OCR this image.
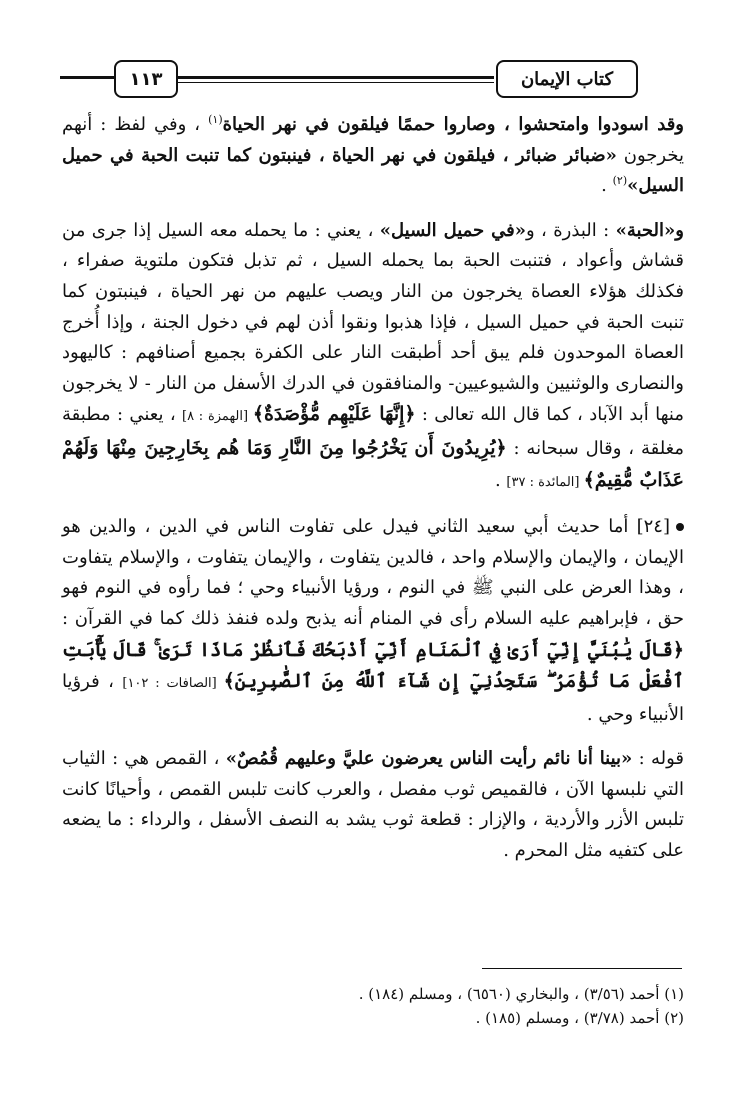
١١٣	كتاب الإيمان

وقد اسودوا وامتحشوا ، وصاروا حممًا فيلقون في نهر الحياة$^{(١)}$ ، وفي لفظ : أنهم يخرجون «ضبائر ضبائر ، فيلقون في نهر الحياة ، فينبتون كما تنبت الحبة في حميل السيل»$^{(٢)}$ .

و«الحبة» : البذرة ، و«في حميل السيل» ، يعني : ما يحمله معه السيل إذا جرى من قشاش وأعواد ، فتنبت الحبة بما يحمله السيل ، ثم تذبل فتكون ملتوية صفراء ، فكذلك هؤلاء العصاة يخرجون من النار ويصب عليهم من نهر الحياة ، فينبتون كما تنبت الحبة في حميل السيل ، فإذا هذبوا ونقوا أذن لهم في دخول الجنة ، وإذا أُخرج العصاة الموحدون فلم يبق أحد أطبقت النار على الكفرة بجميع أصنافهم : كاليهود والنصارى والوثنيين والشيوعيين- والمنافقون في الدرك الأسفل من النار - لا يخرجون منها أبد الآباد ، كما قال الله تعالى : ﴿إِنَّهَا عَلَيْهِم مُّؤْصَدَةٌ﴾ [الهمزة : ٨] ، يعني : مطبقة مغلقة ، وقال سبحانه : ﴿يُرِيدُونَ أَن يَخْرُجُوا مِنَ النَّارِ وَمَا هُم بِخَارِجِينَ مِنْهَا وَلَهُمْ عَذَابٌ مُّقِيمٌ﴾ [المائدة : ٣٧] .

[٢٤] أما حديث أبي سعيد الثاني فيدل على تفاوت الناس في الدين ، والدين هو الإيمان ، والإيمان والإسلام واحد ، فالدين يتفاوت ، والإيمان يتفاوت ، والإسلام يتفاوت ، وهذا العرض على النبي ﷺ في النوم ، ورؤيا الأنبياء وحي ؛ فما رأوه في النوم فهو حق ، فإبراهيم عليه السلام رأى في المنام أنه يذبح ولده فنفذ ذلك كما في القرآن : ﴿قَالَ يَٰبُنَيَّ إِنِّيٓ أَرَىٰ فِي ٱلْمَنَامِ أَنِّيٓ أَذْبَحُكَ فَٱنظُرْ مَاذَا تَرَىٰ ۚ قَالَ يَٰٓأَبَتِ ٱفْعَلْ مَا تُؤْمَرُ ۖ سَتَجِدُنِيٓ إِن شَآءَ ٱللَّهُ مِنَ ٱلصَّٰبِرِينَ﴾ [الصافات : ١٠٢] ، فرؤيا الأنبياء وحي .

قوله : «بينا أنا نائم رأيت الناس يعرضون عليَّ وعليهم قُمُصٌ» ، القمص هي : الثياب التي نلبسها الآن ، فالقميص ثوب مفصل ، والعرب كانت تلبس القمص ، وأحيانًا كانت تلبس الأزر والأردية ، والإزار : قطعة ثوب يشد به النصف الأسفل ، والرداء : ما يضعه على كتفيه مثل المحرم .

(١) أحمد (٣/٥٦) ، والبخاري (٦٥٦٠) ، ومسلم (١٨٤) .
(٢) أحمد (٣/٧٨) ، ومسلم (١٨٥) .
